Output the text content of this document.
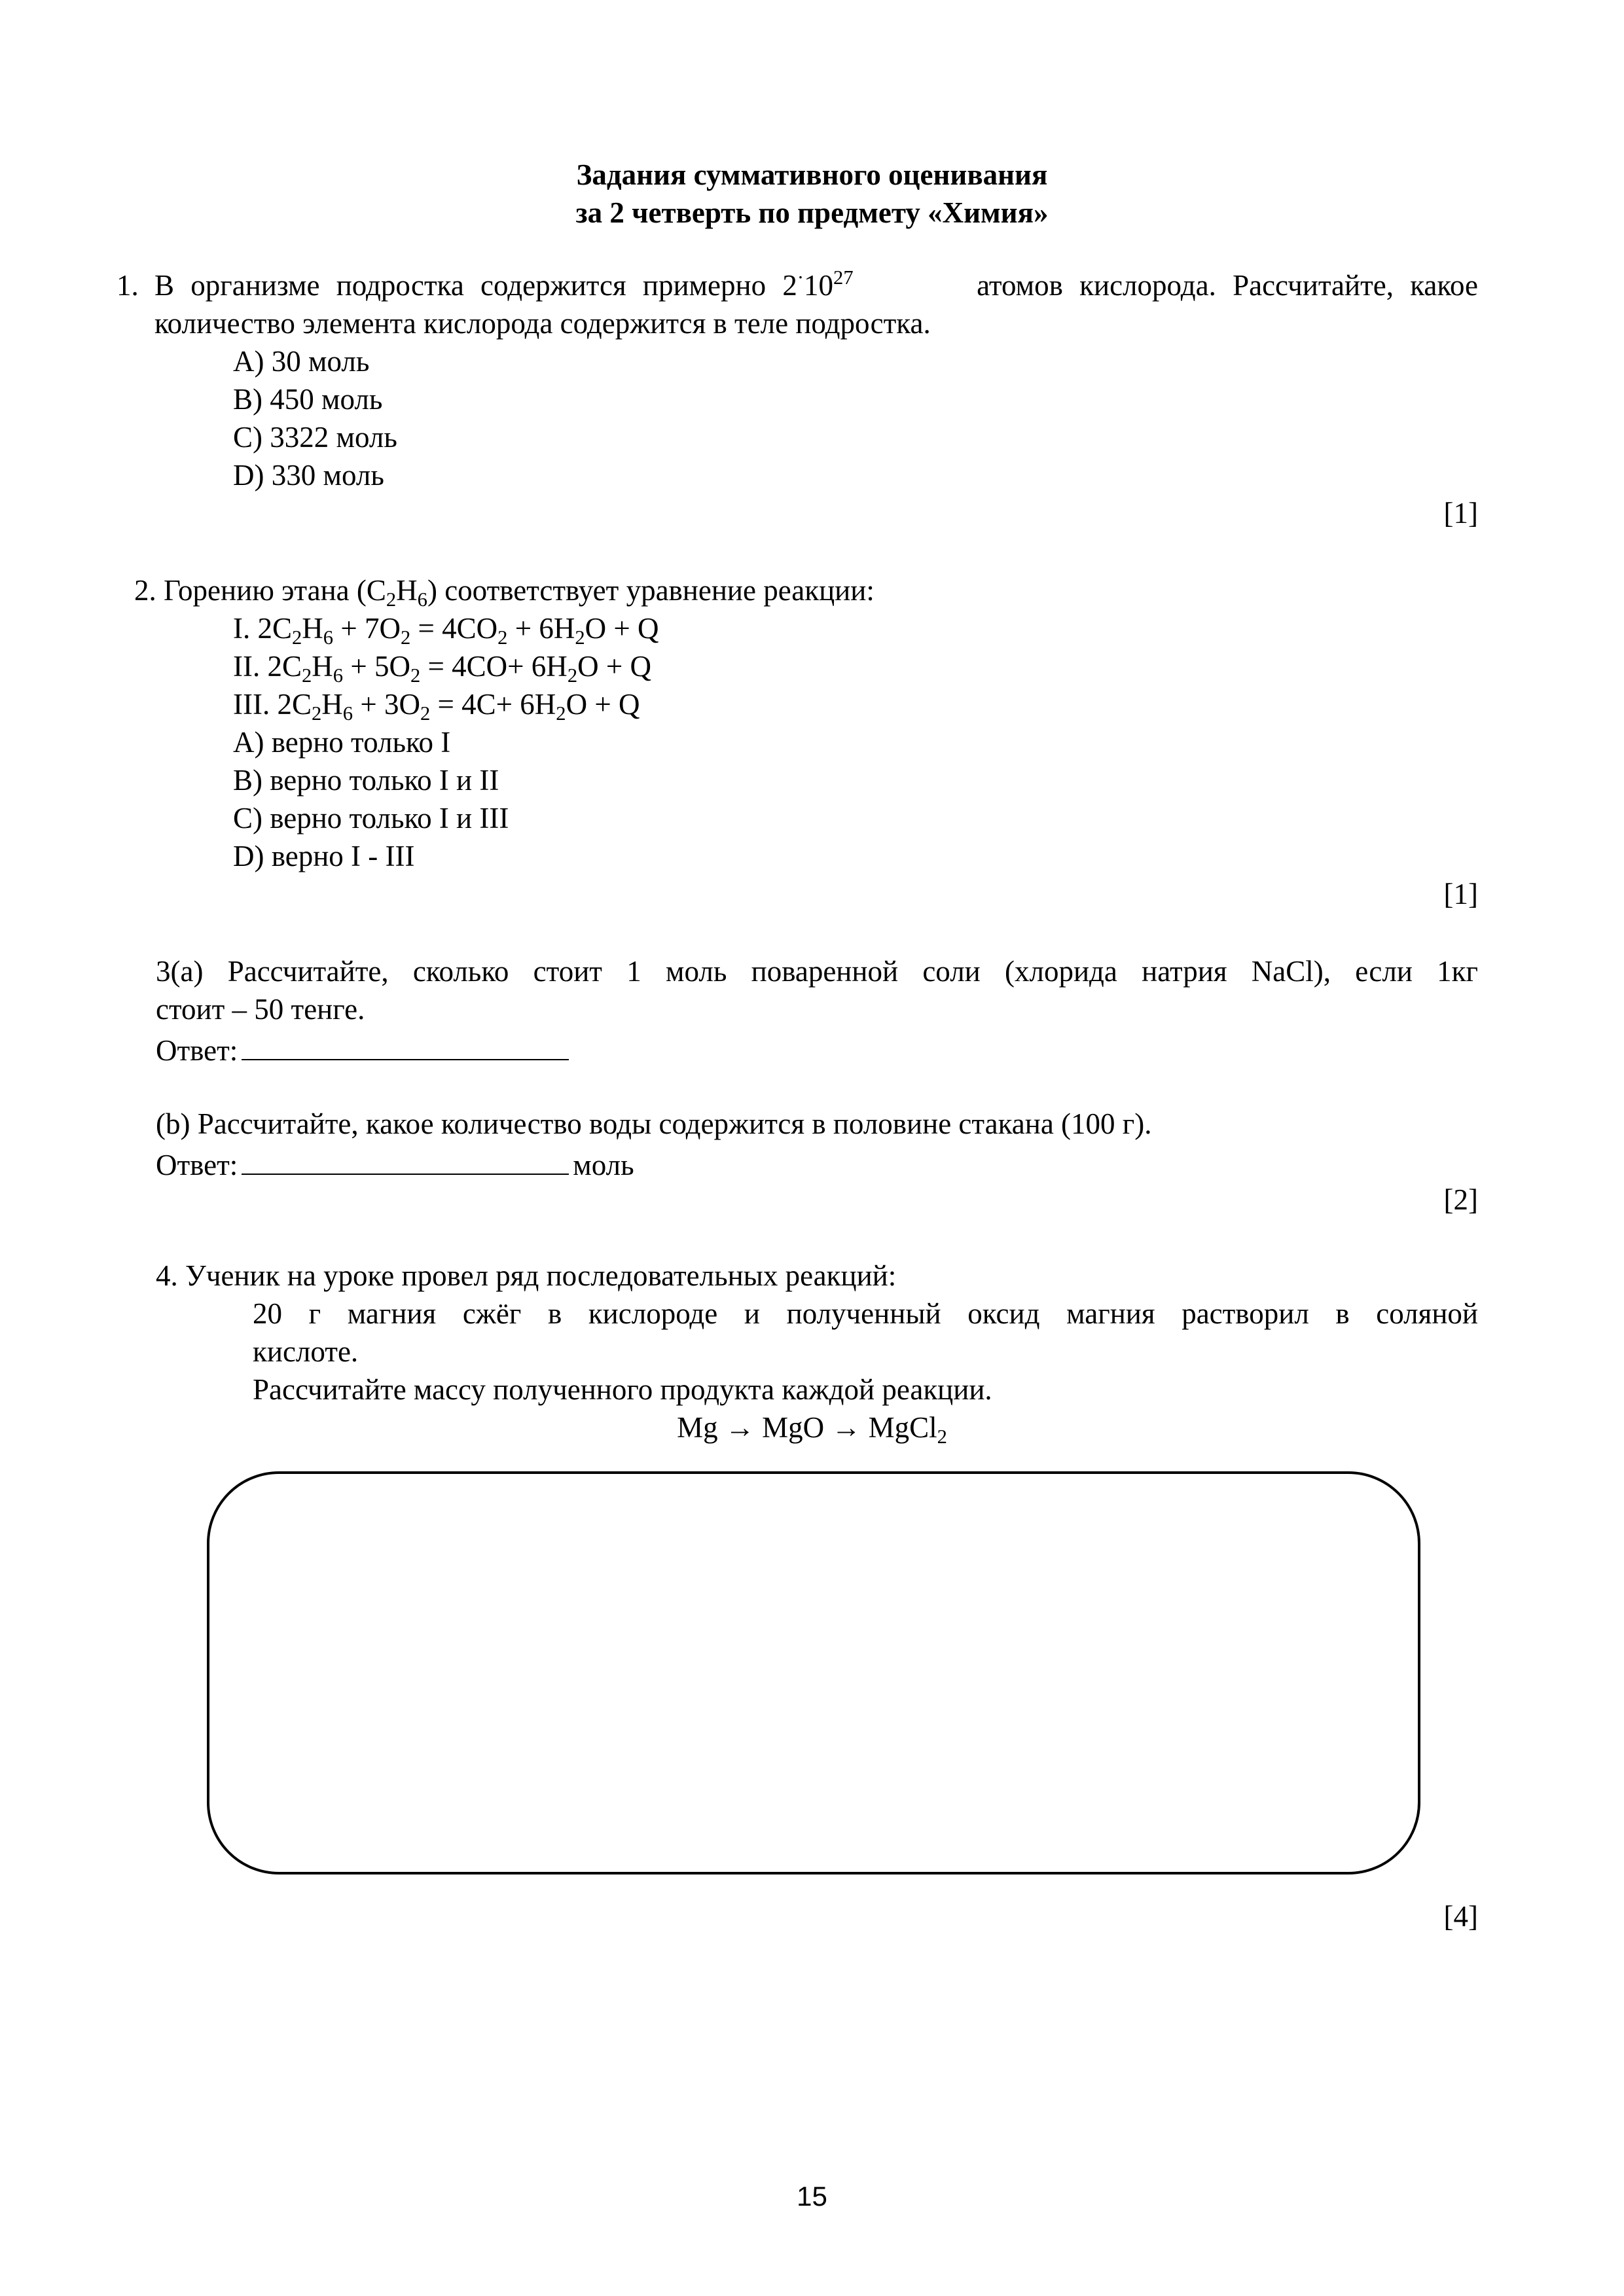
Задания суммативного оценивания
за 2 четверть по предмету «Химия»
1. В организме подростка содержится примерно $2^\cdot 10^{27}$	атомов кислорода. Рассчитайте, какое
количество элемента кислорода содержится в теле подростка.
A) 30 моль
B) 450 моль
C) 3322 моль
D) 330 моль
[1]
2. Горению этана (C2H6) соответствует уравнение реакции:
I. 2C2H6 + 7O2 = 4CO2 + 6H2O + Q
II. 2C2H6 + 5O2 = 4CO+ 6H2O + Q
III. 2C2H6 + 3O2 = 4C+ 6H2O + Q
A) верно только I
B) верно только I и II
C) верно только I и III
D) верно I - III
[1]
3(a) Рассчитайте, сколько стоит 1 моль поваренной соли (хлорида натрия NaCl), если 1кг
стоит – 50 тенге.
Ответ:
(b) Рассчитайте, какое количество воды содержится в половине стакана (100 г).
Ответ:	моль
[2]
4. Ученик на уроке провел ряд последовательных реакций:
20 г магния сжёг в кислороде и полученный оксид магния растворил в соляной
кислоте.
Рассчитайте массу полученного продукта каждой реакции.
Mg → MgO → MgCl2
[4]
15
